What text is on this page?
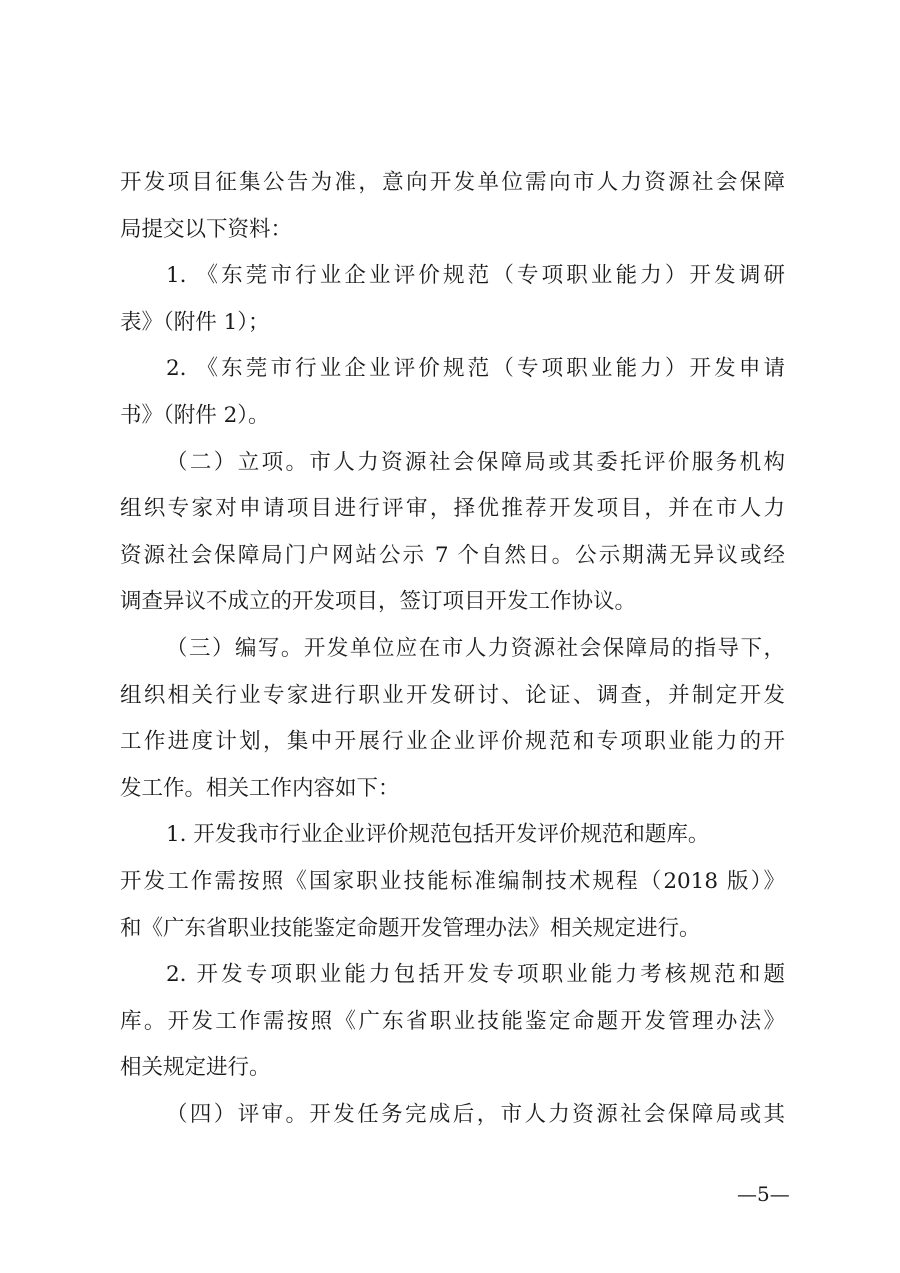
开发项目征集公告为准，意向开发单位需向市人力资源社会保障
局提交以下资料：
1. 《东莞市行业企业评价规范（专项职业能力）开发调研
表》（附件 1）；
2. 《东莞市行业企业评价规范（专项职业能力）开发申请
书》（附件 2）。
（二）立项。市人力资源社会保障局或其委托评价服务机构
组织专家对申请项目进行评审，择优推荐开发项目，并在市人力
资源社会保障局门户网站公示 7 个自然日。公示期满无异议或经
调查异议不成立的开发项目，签订项目开发工作协议。
（三）编写。开发单位应在市人力资源社会保障局的指导下，
组织相关行业专家进行职业开发研讨、论证、调查，并制定开发
工作进度计划，集中开展行业企业评价规范和专项职业能力的开
发工作。相关工作内容如下：
1. 开发我市行业企业评价规范包括开发评价规范和题库。
开发工作需按照《国家职业技能标准编制技术规程（2018 版）》
和《广东省职业技能鉴定命题开发管理办法》相关规定进行。
2. 开发专项职业能力包括开发专项职业能力考核规范和题
库。开发工作需按照《广东省职业技能鉴定命题开发管理办法》
相关规定进行。
（四）评审。开发任务完成后，市人力资源社会保障局或其
—5—
